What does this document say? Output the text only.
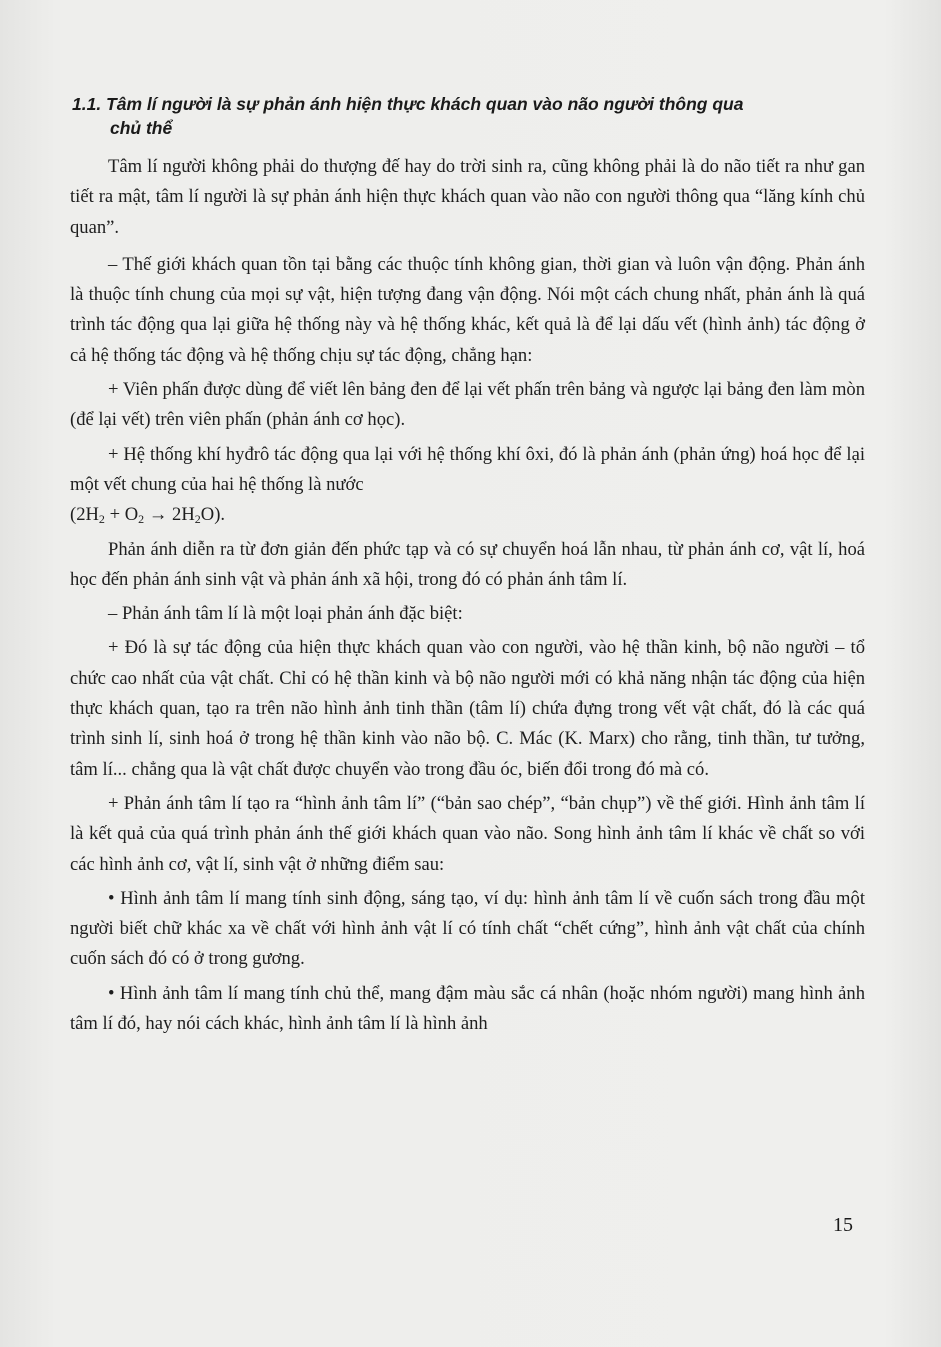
1.1. Tâm lí người là sự phản ánh hiện thực khách quan vào não người thông qua
chủ thể

Tâm lí người không phải do thượng đế hay do trời sinh ra, cũng không phải là do não tiết ra như gan tiết ra mật, tâm lí người là sự phản ánh hiện thực khách quan vào não con người thông qua “lăng kính chủ quan”.

– Thế giới khách quan tồn tại bằng các thuộc tính không gian, thời gian và luôn vận động. Phản ánh là thuộc tính chung của mọi sự vật, hiện tượng đang vận động. Nói một cách chung nhất, phản ánh là quá trình tác động qua lại giữa hệ thống này và hệ thống khác, kết quả là để lại dấu vết (hình ảnh) tác động ở cả hệ thống tác động và hệ thống chịu sự tác động, chẳng hạn:

+ Viên phấn được dùng để viết lên bảng đen để lại vết phấn trên bảng và ngược lại bảng đen làm mòn (để lại vết) trên viên phấn (phản ánh cơ học).

+ Hệ thống khí hyđrô tác động qua lại với hệ thống khí ôxi, đó là phản ánh (phản ứng) hoá học để lại một vết chung của hai hệ thống là nước
$(2H_2 + O_2 \to 2H_2O)$.

Phản ánh diễn ra từ đơn giản đến phức tạp và có sự chuyển hoá lẫn nhau, từ phản ánh cơ, vật lí, hoá học đến phản ánh sinh vật và phản ánh xã hội, trong đó có phản ánh tâm lí.

– Phản ánh tâm lí là một loại phản ánh đặc biệt:

+ Đó là sự tác động của hiện thực khách quan vào con người, vào hệ thần kinh, bộ não người – tổ chức cao nhất của vật chất. Chỉ có hệ thần kinh và bộ não người mới có khả năng nhận tác động của hiện thực khách quan, tạo ra trên não hình ảnh tinh thần (tâm lí) chứa đựng trong vết vật chất, đó là các quá trình sinh lí, sinh hoá ở trong hệ thần kinh vào não bộ. C. Mác (K. Marx) cho rằng, tinh thần, tư tưởng, tâm lí... chẳng qua là vật chất được chuyển vào trong đầu óc, biến đổi trong đó mà có.

+ Phản ánh tâm lí tạo ra “hình ảnh tâm lí” (“bản sao chép”, “bản chụp”) về thế giới. Hình ảnh tâm lí là kết quả của quá trình phản ánh thế giới khách quan vào não. Song hình ảnh tâm lí khác về chất so với các hình ảnh cơ, vật lí, sinh vật ở những điểm sau:

• Hình ảnh tâm lí mang tính sinh động, sáng tạo, ví dụ: hình ảnh tâm lí về cuốn sách trong đầu một người biết chữ khác xa về chất với hình ảnh vật lí có tính chất “chết cứng”, hình ảnh vật chất của chính cuốn sách đó có ở trong gương.

• Hình ảnh tâm lí mang tính chủ thể, mang đậm màu sắc cá nhân (hoặc nhóm người) mang hình ảnh tâm lí đó, hay nói cách khác, hình ảnh tâm lí là hình ảnh

15
